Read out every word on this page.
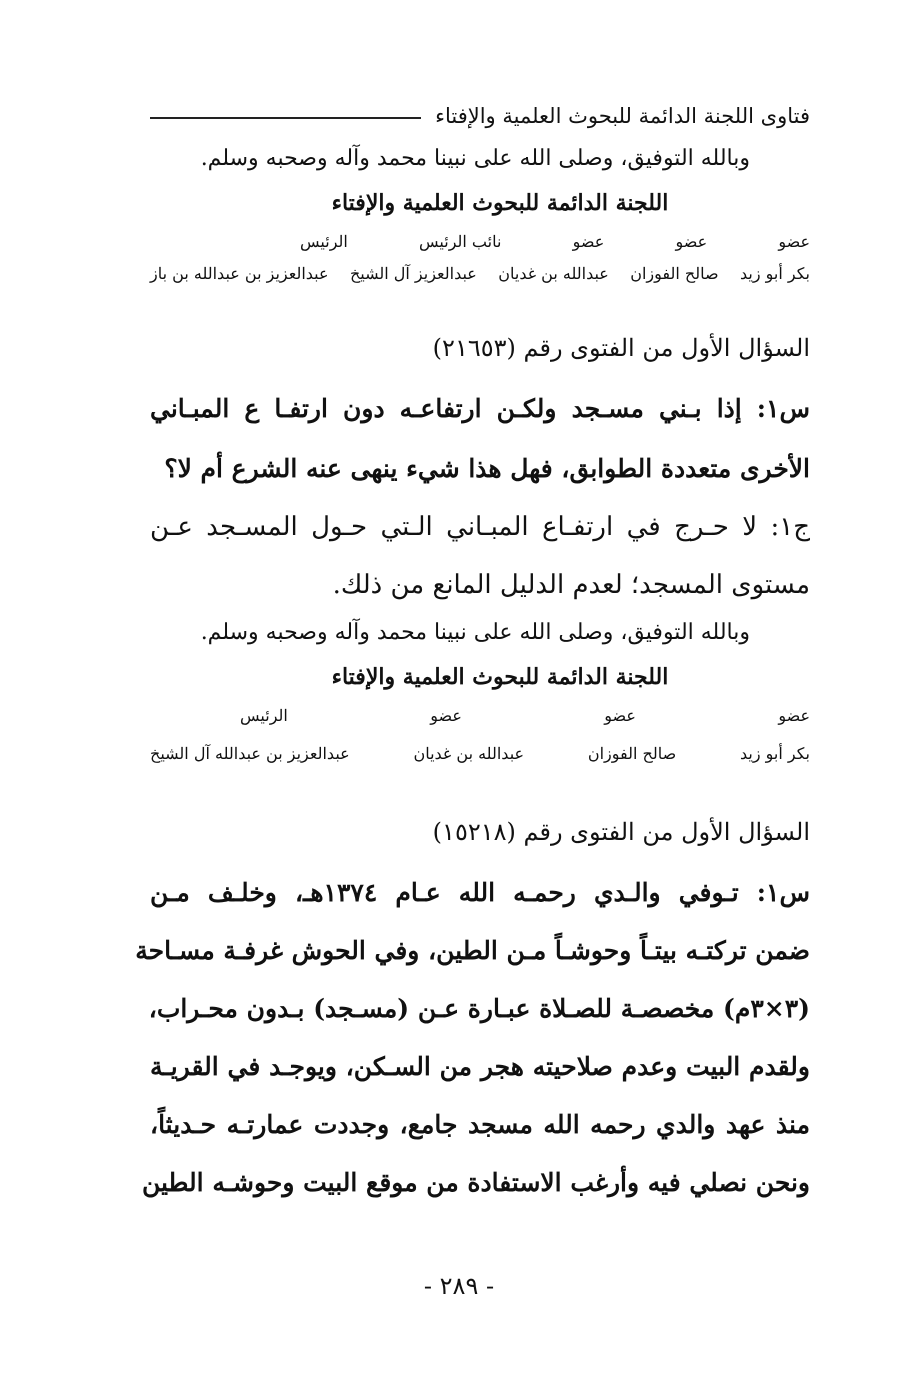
فتاوى اللجنة الدائمة للبحوث العلمية والإفتاء
وبالله التوفيق، وصلى الله على نبينا محمد وآله وصحبه وسلم.
اللجنة الدائمة للبحوث العلمية والإفتاء
عضو
عضو
عضو
نائب الرئيس
الرئيس
بكر أبو زيد
صالح الفوزان
عبدالله بن غديان
عبدالعزيز آل الشيخ
عبدالعزيز بن عبدالله بن باز
السؤال الأول من الفتوى رقم (٢١٦٥٣)
س١: إذا بـني مسـجد ولكـن ارتفاعـه دون ارتفـا ع المبـاني
الأخرى متعددة الطوابق، فهل هذا شيء ينهى عنه الشرع أم لا؟
ج١: لا حـرج في ارتفـاع المبـاني الـتي حـول المسـجد عـن
مستوى المسجد؛ لعدم الدليل المانع من ذلك.
وبالله التوفيق، وصلى الله على نبينا محمد وآله وصحبه وسلم.
اللجنة الدائمة للبحوث العلمية والإفتاء
عضو
عضو
عضو
الرئيس
بكر أبو زيد
صالح الفوزان
عبدالله بن غديان
عبدالعزيز بن عبدالله آل الشيخ
السؤال الأول من الفتوى رقم (١٥٢١٨)
س١: تـوفي والـدي رحمـه الله عـام ١٣٧٤هـ، وخلـف مـن
ضمن تركتـه بيتـاً وحوشـاً مـن الطين، وفي الحوش غرفـة مسـاحة
(٣×٣م) مخصصـة للصـلاة عبـارة عـن (مسـجد) بـدون محـراب،
ولقدم البيت وعدم صلاحيته هجر من السـكن، ويوجـد في القريـة
منذ عهد والدي رحمه الله مسجد جامع، وجددت عمارتـه حـديثاً،
ونحن نصلي فيه وأرغب الاستفادة من موقع البيت وحوشـه الطين
- ٢٨٩ -
